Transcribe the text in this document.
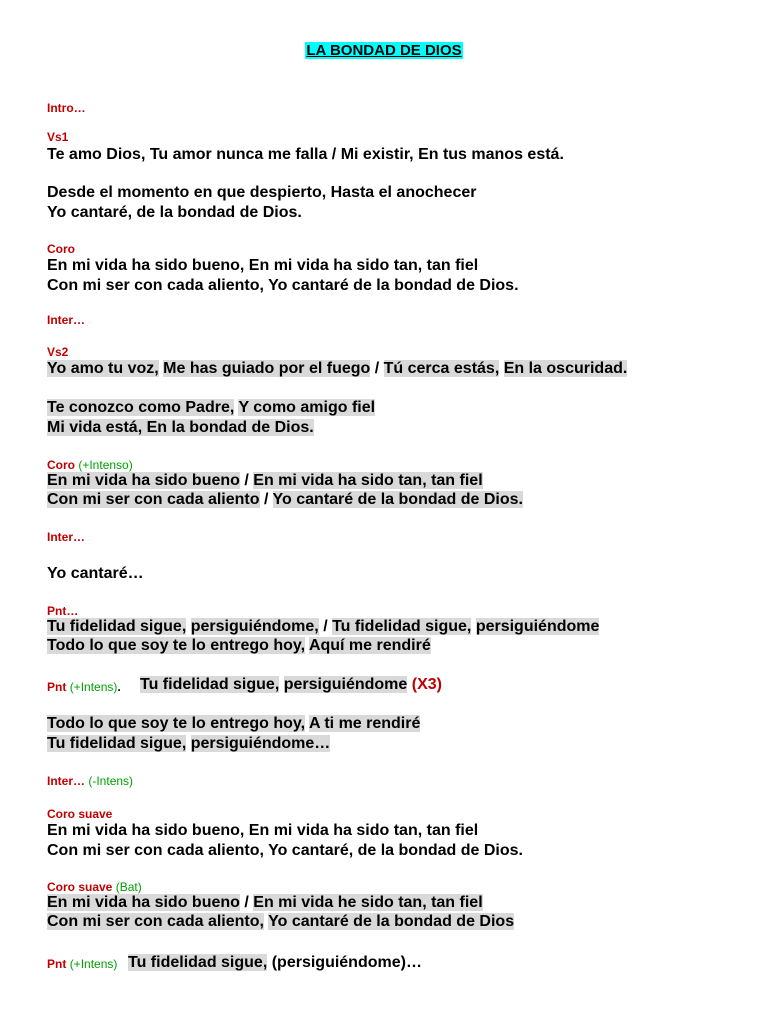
LA BONDAD DE DIOS
Intro…
Vs1
Te amo Dios, Tu amor nunca me falla / Mi existir, En tus manos está.
Desde el momento en que despierto, Hasta el anochecer
Yo cantaré, de la bondad de Dios.
Coro
En mi vida ha sido bueno, En mi vida ha sido tan, tan fiel
Con mi ser con cada aliento, Yo cantaré de la bondad de Dios.
Inter…
Vs2
Yo amo tu voz, Me has guiado por el fuego / Tú cerca estás, En la oscuridad.
Te conozco como Padre, Y como amigo fiel
Mi vida está, En la bondad de Dios.
Coro (+Intenso)
En mi vida ha sido bueno / En mi vida ha sido tan, tan fiel
Con mi ser con cada aliento / Yo cantaré de la bondad de Dios.
Inter…
Yo cantaré…
Pnt…
Tu fidelidad sigue, persiguiéndome, / Tu fidelidad sigue, persiguiéndome
Todo lo que soy te lo entrego hoy, Aquí me rendiré
Pnt (+Intens). Tu fidelidad sigue, persiguiéndome (X3)
Todo lo que soy te lo entrego hoy, A ti me rendiré
Tu fidelidad sigue, persiguiéndome…
Inter… (-Intens)
Coro suave
En mi vida ha sido bueno, En mi vida ha sido tan, tan fiel
Con mi ser con cada aliento, Yo cantaré, de la bondad de Dios.
Coro suave (Bat)
En mi vida ha sido bueno / En mi vida he sido tan, tan fiel
Con mi ser con cada aliento, Yo cantaré de la bondad de Dios
Pnt (+Intens) Tu fidelidad sigue, (persiguiéndome)…
